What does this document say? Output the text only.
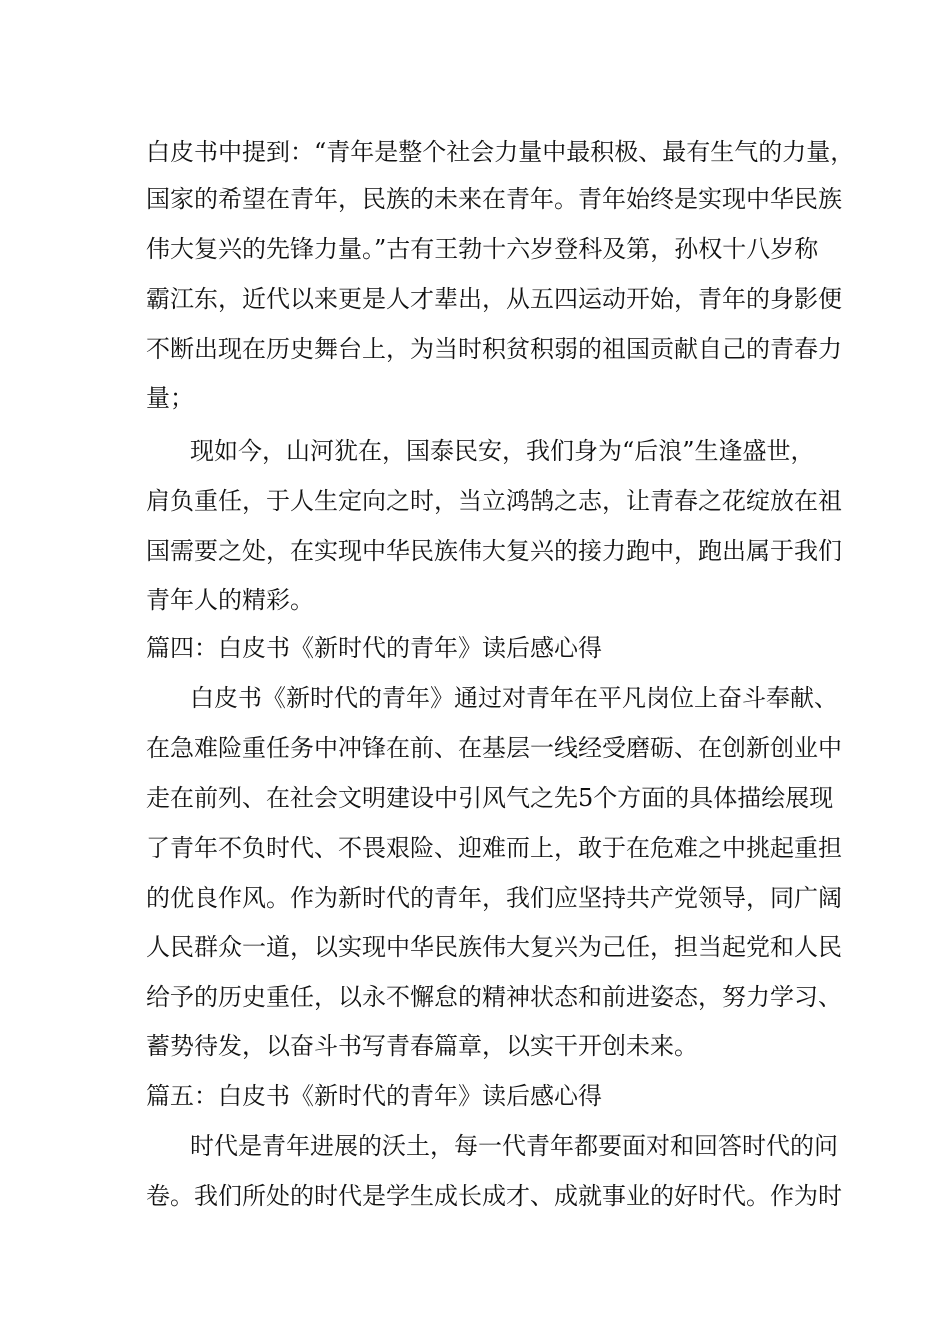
白皮书中提到：“青年是整个社会力量中最积极、最有生气的力量，
国家的希望在青年，民族的未来在青年。青年始终是实现中华民族
伟大复兴的先锋力量。”古有王勃十六岁登科及第，孙权十八岁称
霸江东，近代以来更是人才辈出，从五四运动开始，青年的身影便
不断出现在历史舞台上，为当时积贫积弱的祖国贡献自己的青春力
量；
现如今，山河犹在，国泰民安，我们身为“后浪”生逢盛世，
肩负重任，于人生定向之时，当立鸿鹄之志，让青春之花绽放在祖
国需要之处，在实现中华民族伟大复兴的接力跑中，跑出属于我们
青年人的精彩。
篇四：白皮书《新时代的青年》读后感心得
白皮书《新时代的青年》通过对青年在平凡岗位上奋斗奉献、
在急难险重任务中冲锋在前、在基层一线经受磨砺、在创新创业中
走在前列、在社会文明建设中引风气之先5个方面的具体描绘展现
了青年不负时代、不畏艰险、迎难而上，敢于在危难之中挑起重担
的优良作风。作为新时代的青年，我们应坚持共产党领导，同广阔
人民群众一道，以实现中华民族伟大复兴为己任，担当起党和人民
给予的历史重任，以永不懈怠的精神状态和前进姿态，努力学习、
蓄势待发，以奋斗书写青春篇章，以实干开创未来。
篇五：白皮书《新时代的青年》读后感心得
时代是青年进展的沃土，每一代青年都要面对和回答时代的问
卷。我们所处的时代是学生成长成才、成就事业的好时代。作为时
